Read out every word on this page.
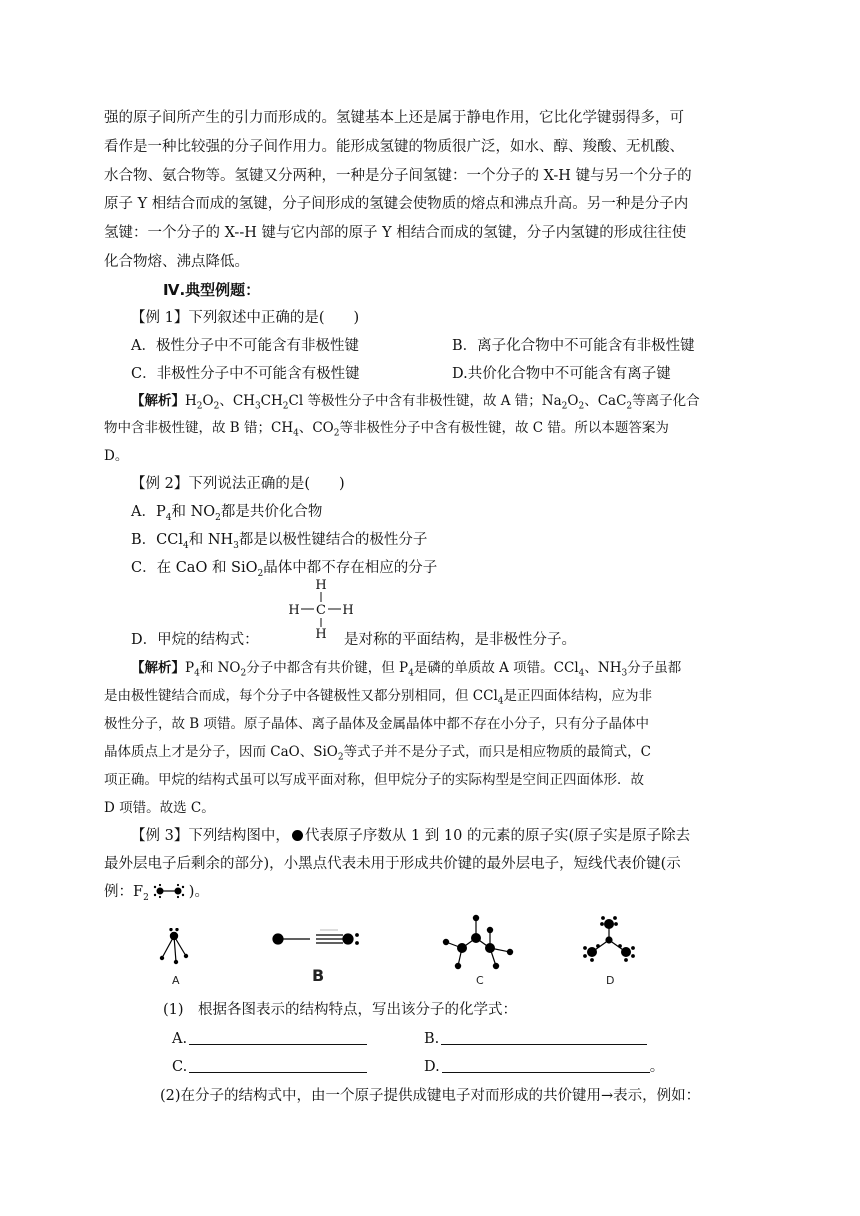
强的原子间所产生的引力而形成的。氢键基本上还是属于静电作用，它比化学键弱得多，可
看作是一种比较强的分子间作用力。能形成氢键的物质很广泛，如水、醇、羧酸、无机酸、
水合物、氨合物等。氢键又分两种，一种是分子间氢键：一个分子的 X-H 键与另一个分子的
原子 Y 相结合而成的氢键，分子间形成的氢键会使物质的熔点和沸点升高。另一种是分子内
氢键：一个分子的 X--H 键与它内部的原子 Y 相结合而成的氢键，分子内氢键的形成往往使
化合物熔、沸点降低。
Ⅳ.典型例题：
【例 1】下列叙述中正确的是(　　)
A．极性分子中不可能含有非极性键	B．离子化合物中不可能含有非极性键
C．非极性分子中不可能含有极性键	D.共价化合物中不可能含有离子键
【解析】$H_2O_2$、$CH_3CH_2Cl$ 等极性分子中含有非极性键，故 A 错；$Na_2O_2$、CaC$_2$等离子化合
物中含非极性键，故 B 错；$CH_4$、$CO_2$等非极性分子中含有极性键，故 C 错。所以本题答案为
D。
【例 2】下列说法正确的是(　　)
A．$P_4$和 $NO_2$都是共价化合物
B．CCl$_4$和 $NH_3$都是以极性键结合的极性分子
C．在 CaO 和 SiO$_2$晶体中都不存在相应的分子
H
H C H
H
D．甲烷的结构式：	是对称的平面结构，是非极性分子。
【解析】$P_4$和 $NO_2$分子中都含有共价键，但 $P_4$是磷的单质故 A 项错。CCl$_4$、$NH_3$分子虽都
是由极性键结合而成，每个分子中各键极性又都分别相同，但 CCl$_4$是正四面体结构，应为非
极性分子，故 B 项错。原子晶体、离子晶体及金属晶体中都不存在小分子，只有分子晶体中
晶体质点上才是分子，因而 CaO、SiO$_2$等式子并不是分子式，而只是相应物质的最简式，C
项正确。甲烷的结构式虽可以写成平面对称，但甲烷分子的实际构型是空间正四面体形．故
D 项错。故选 C。
【例 3】下列结构图中， 代表原子序数从 1 到 10 的元素的原子实(原子实是原子除去
最外层电子后剩余的部分)，小黑点代表未用于形成共价键的最外层电子，短线代表价键(示
例：$F_2$	)。
A	B	C	D
(1)　根据各图表示的结构特点，写出该分子的化学式：
A.	B.
C.	D.	。
(2)在分子的结构式中，由一个原子提供成键电子对而形成的共价键用→表示，例如：
